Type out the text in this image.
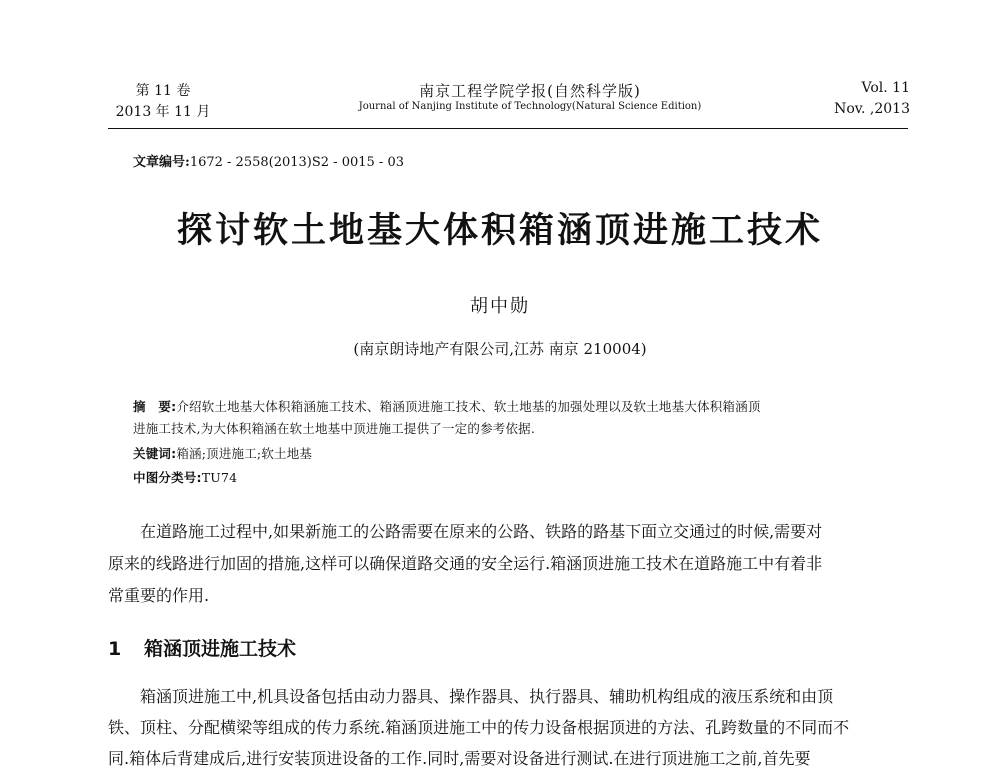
第 11 卷
2013 年 11 月
南京工程学院学报(自然科学版)
Journal of Nanjing Institute of Technology(Natural Science Edition)
Vol. 11
Nov. ,2013
文章编号:1672 - 2558(2013)S2 - 0015 - 03
探讨软土地基大体积箱涵顶进施工技术
胡中勋
(南京朗诗地产有限公司,江苏 南京 210004)
摘　要:介绍软土地基大体积箱涵施工技术、箱涵顶进施工技术、软土地基的加强处理以及软土地基大体积箱涵顶
进施工技术,为大体积箱涵在软土地基中顶进施工提供了一定的参考依据.
关键词:箱涵;顶进施工;软土地基
中图分类号:TU74
在道路施工过程中,如果新施工的公路需要在原来的公路、铁路的路基下面立交通过的时候,需要对
原来的线路进行加固的措施,这样可以确保道路交通的安全运行.箱涵顶进施工技术在道路施工中有着非
常重要的作用.
1 箱涵顶进施工技术
箱涵顶进施工中,机具设备包括由动力器具、操作器具、执行器具、辅助机构组成的液压系统和由顶
铁、顶柱、分配横梁等组成的传力系统.箱涵顶进施工中的传力设备根据顶进的方法、孔跨数量的不同而不
同.箱体后背建成后,进行安装顶进设备的工作.同时,需要对设备进行测试.在进行顶进施工之前,首先要
